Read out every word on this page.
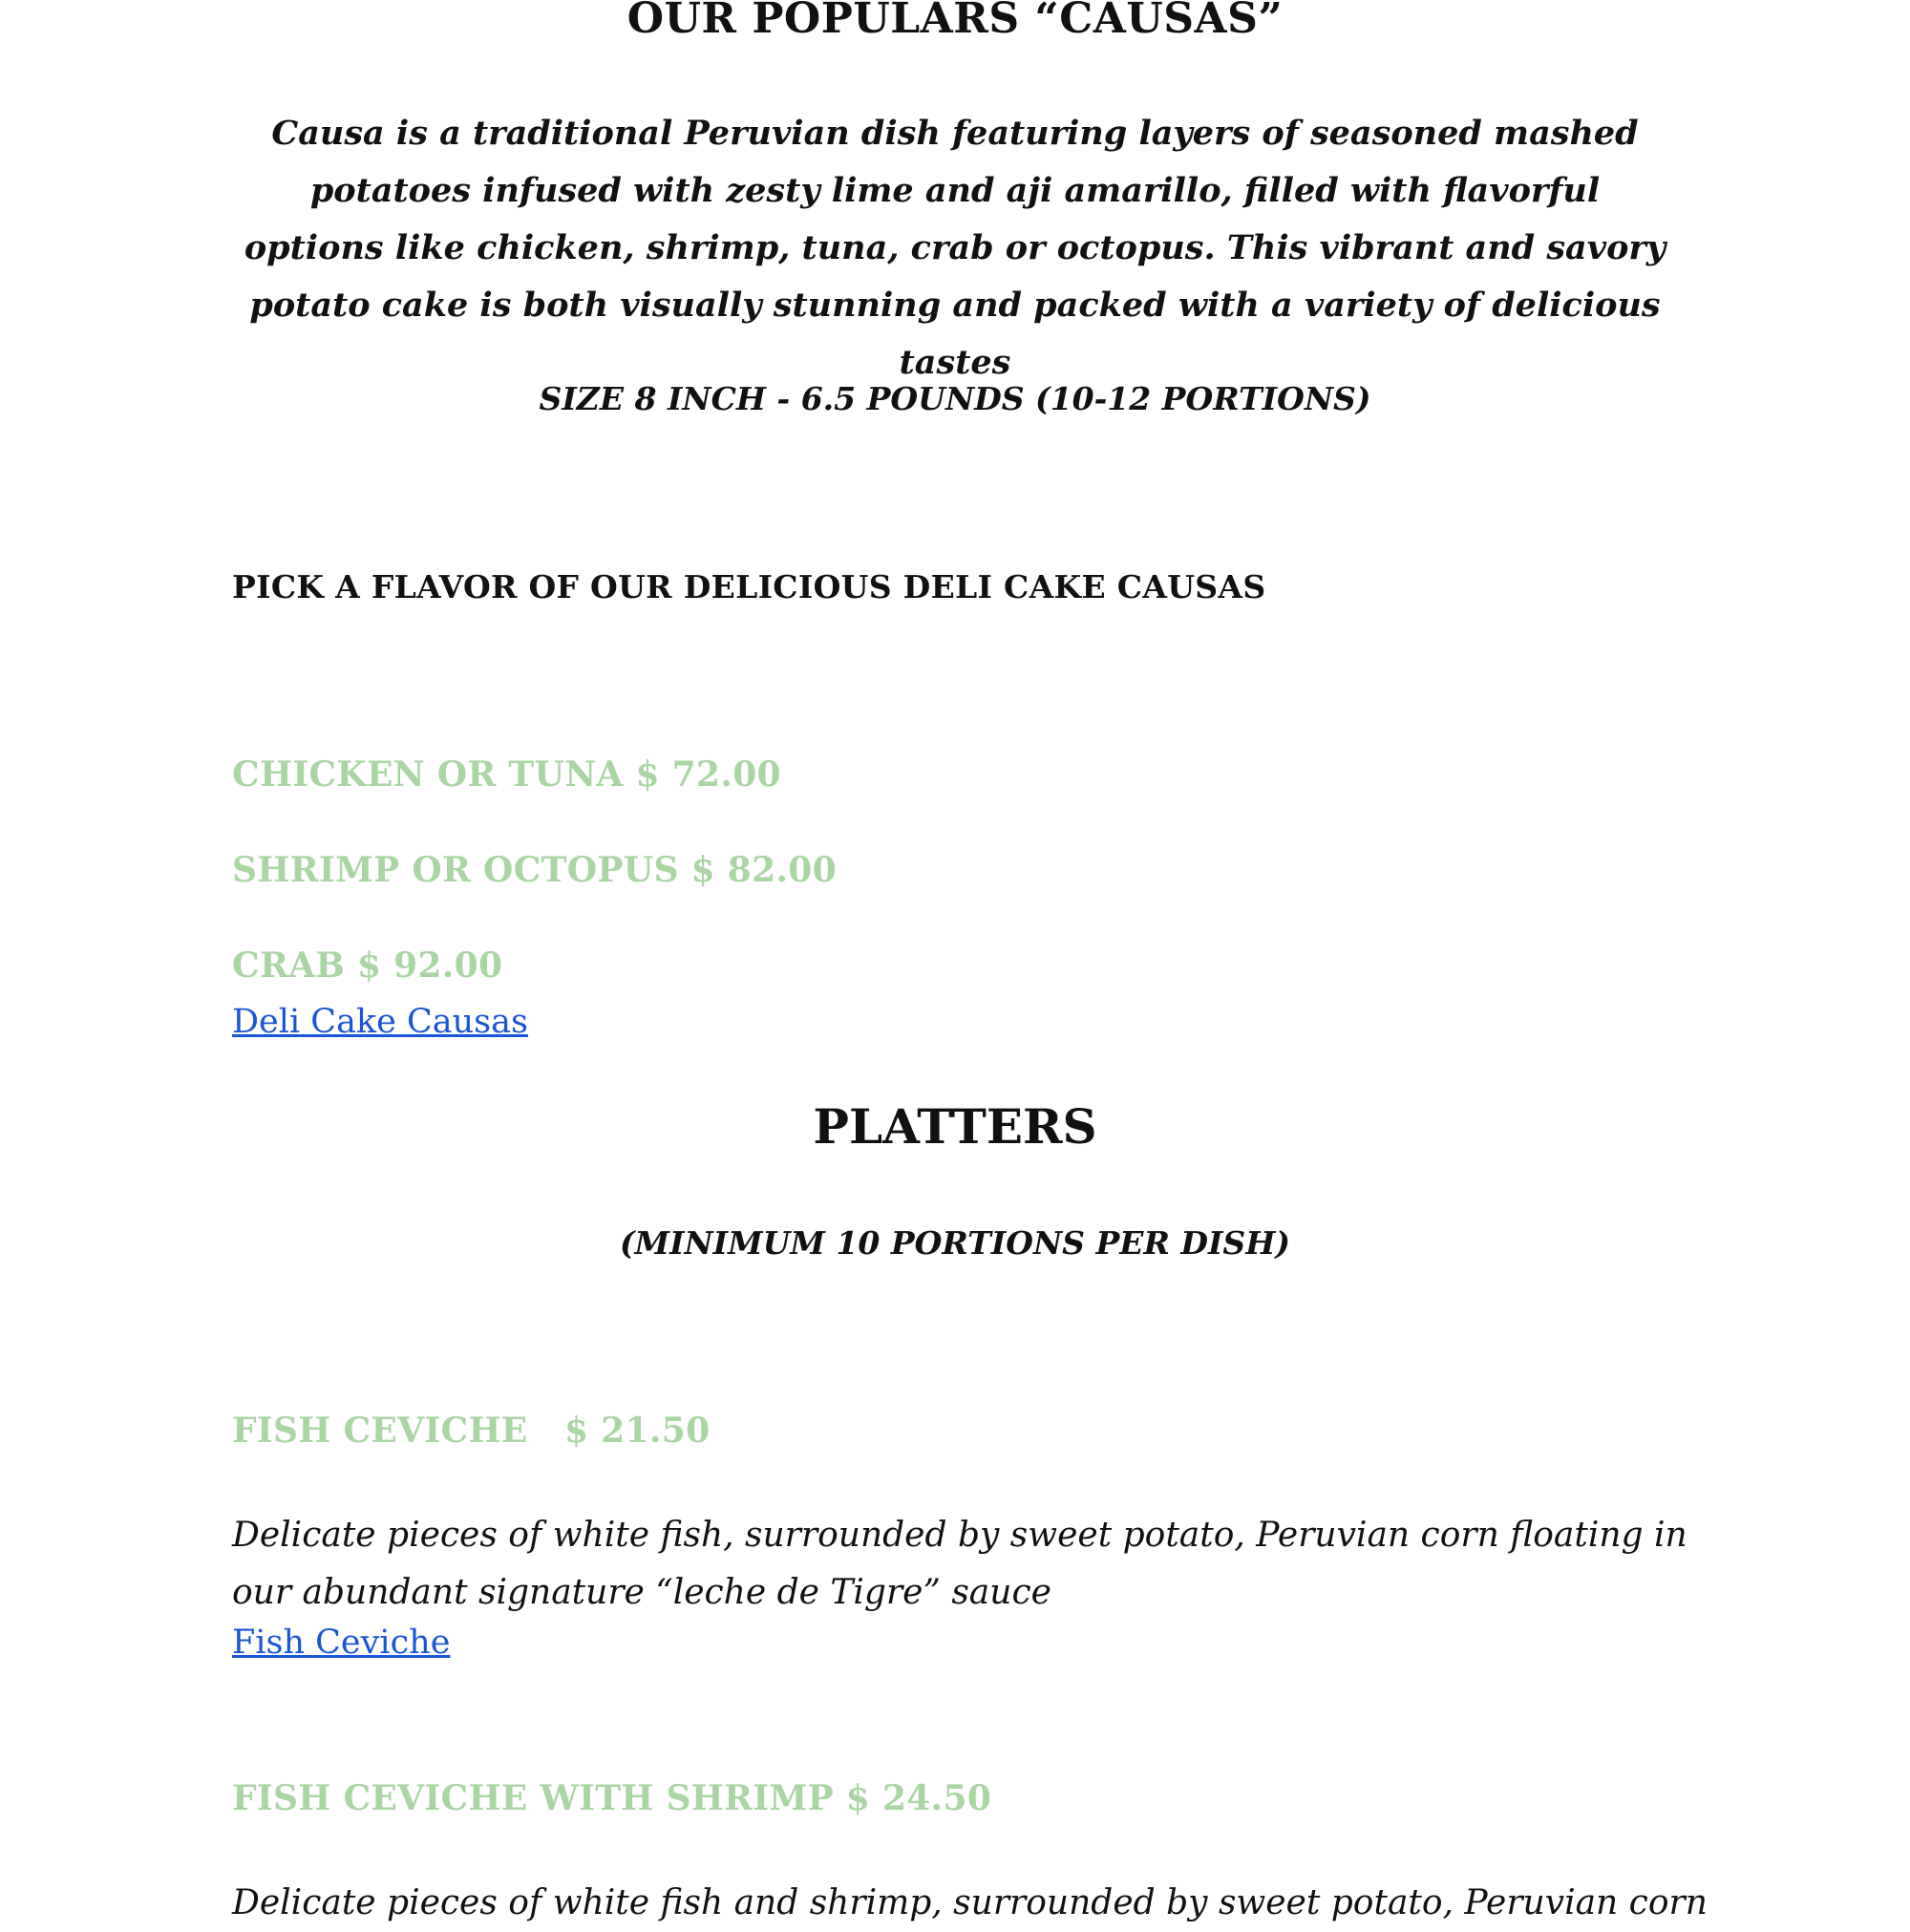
OUR POPULARS “CAUSAS”
Causa is a traditional Peruvian dish featuring layers of seasoned mashed potatoes infused with zesty lime and aji amarillo, filled with flavorful options like chicken, shrimp, tuna, crab or octopus. This vibrant and savory potato cake is both visually stunning and packed with a variety of delicious tastes
SIZE 8 INCH - 6.5 POUNDS (10-12 PORTIONS)
PICK A FLAVOR OF OUR DELICIOUS DELI CAKE CAUSAS
CHICKEN OR TUNA $ 72.00
SHRIMP OR OCTOPUS $ 82.00
CRAB $ 92.00
Deli Cake Causas
PLATTERS
(MINIMUM 10 PORTIONS PER DISH)
FISH CEVICHE   $ 21.50
Delicate pieces of white fish, surrounded by sweet potato, Peruvian corn floating in our abundant signature “leche de Tigre” sauce
Fish Ceviche
FISH CEVICHE WITH SHRIMP $ 24.50
Delicate pieces of white fish and shrimp, surrounded by sweet potato, Peruvian corn
